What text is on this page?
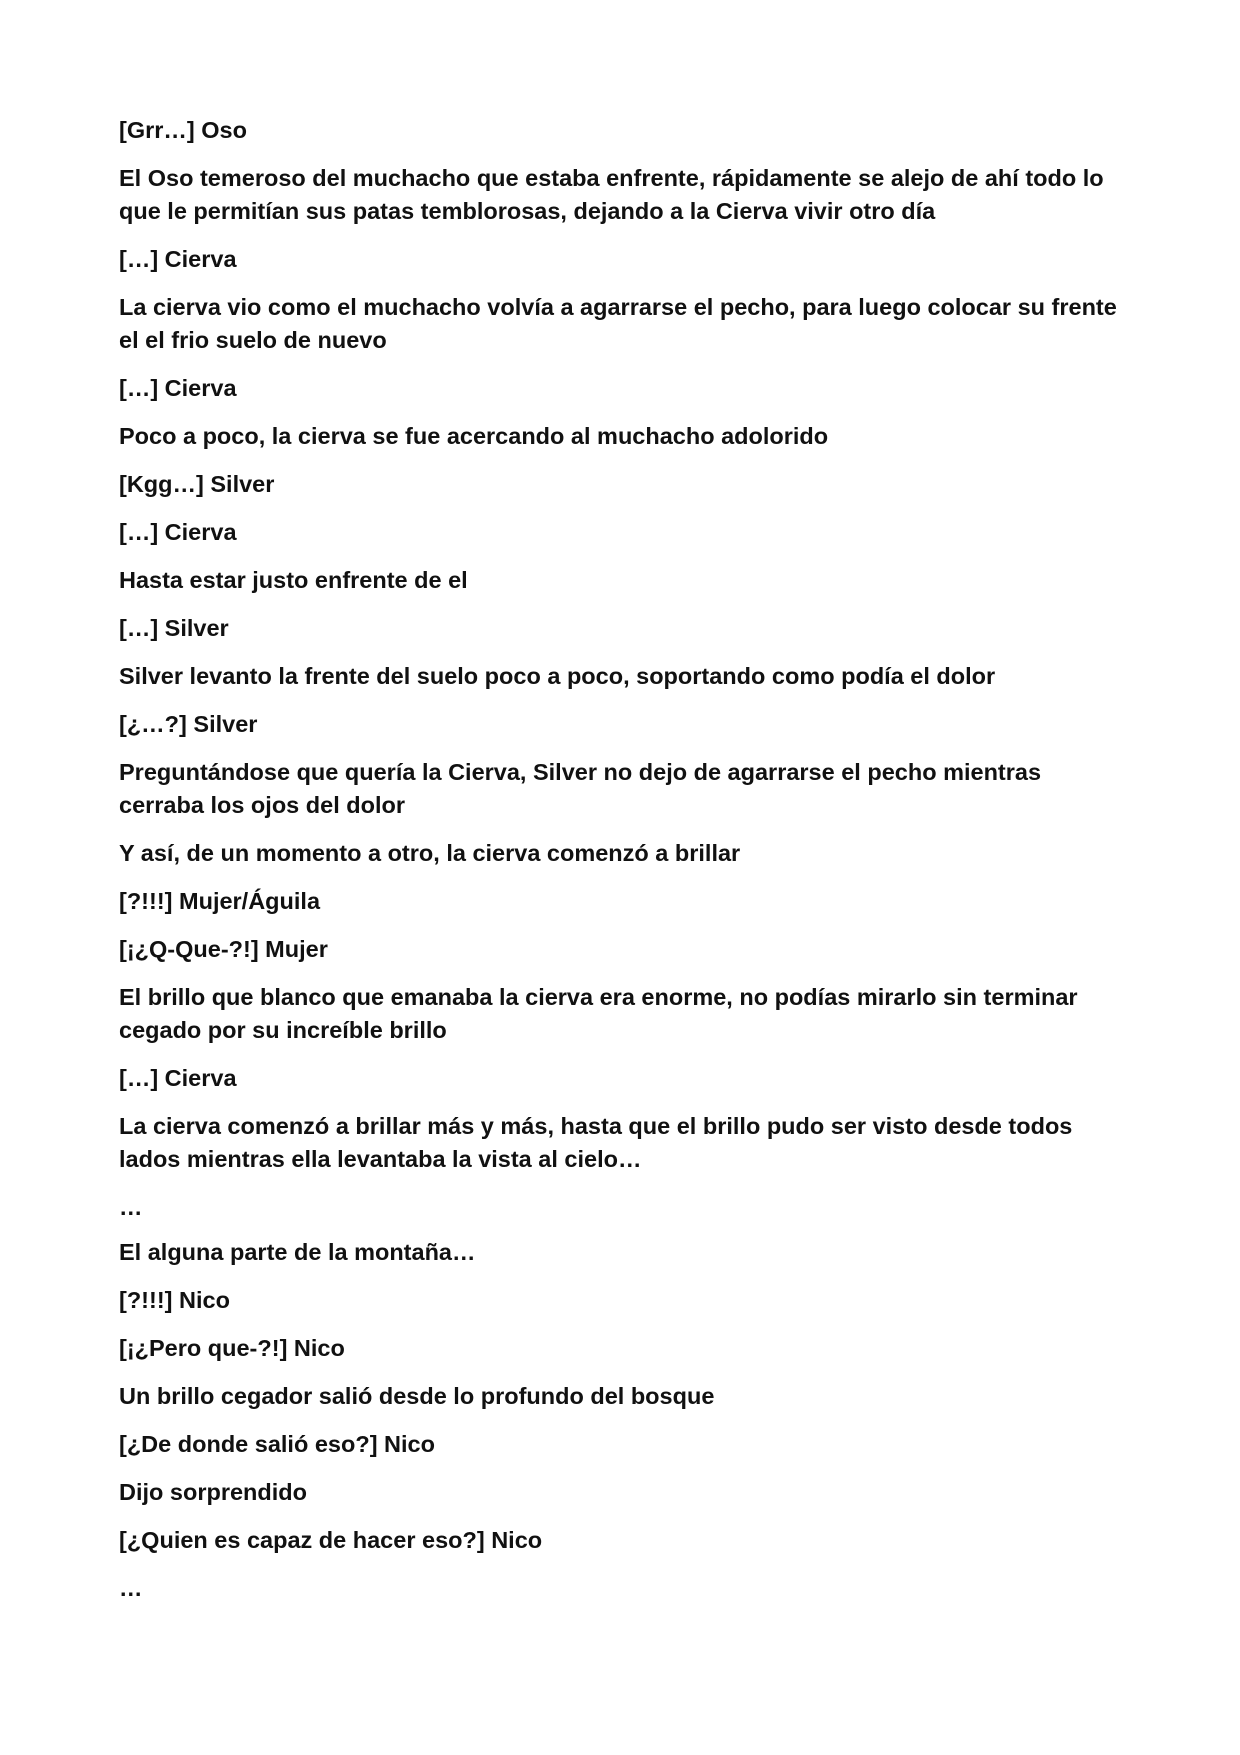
[Grr…] Oso

El Oso temeroso del muchacho que estaba enfrente, rápidamente se alejo de ahí todo lo que le permitían sus patas temblorosas, dejando a la Cierva vivir otro día

[…] Cierva

La cierva vio como el muchacho volvía a agarrarse el pecho, para luego colocar su frente el el frio suelo de nuevo

[…] Cierva

Poco a poco, la cierva se fue acercando al muchacho adolorido

[Kgg…] Silver

[…] Cierva

Hasta estar justo enfrente de el

[…] Silver

Silver levanto la frente del suelo poco a poco, soportando como podía el dolor

[¿…?] Silver

Preguntándose que quería la Cierva, Silver no dejo de agarrarse el pecho mientras cerraba los ojos del dolor

Y así, de un momento a otro, la cierva comenzó a brillar

[?!!!] Mujer/Águila

[¡¿Q-Que-?!] Mujer

El brillo que blanco que emanaba la cierva era enorme, no podías mirarlo sin terminar cegado por su increíble brillo

[…] Cierva

La cierva comenzó a brillar más y más, hasta que el brillo pudo ser visto desde todos lados mientras ella levantaba la vista al cielo…

…

El alguna parte de la montaña…

[?!!!] Nico

[¡¿Pero que-?!] Nico

Un brillo cegador salió desde lo profundo del bosque

[¿De donde salió eso?] Nico

Dijo sorprendido

[¿Quien es capaz de hacer eso?] Nico

…
